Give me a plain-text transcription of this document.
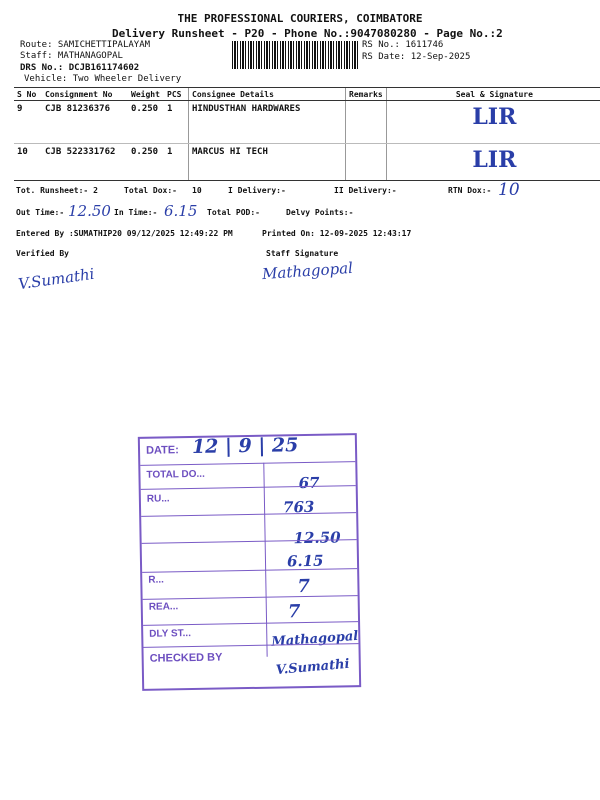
THE PROFESSIONAL COURIERS, COIMBATORE
Delivery Runsheet - P20 - Phone No.:9047080280 - Page No.:2
Route: SAMICHETTIPALAYAM
Staff: MATHANAGOPAL
DRS No.: DCJB161174602
Vehicle: Two Wheeler Delivery
RS No.: 1611746
RS Date: 12-Sep-2025
S No	Consignment No	Weight	PCS	Consignee Details	Remarks	Seal & Signature
9	CJB 81236376	0.250	1	HINDUSTHAN HARDWARES		LIR
10	CJB 522331762	0.250	1	MARCUS HI TECH		LIR
Tot. Runsheet:- 2	Total Dox:- 10	I Delivery:-	II Delivery:-	RTN Dox:- 10
Out Time:- 12.50 In Time:- 6.15 Total POD:-	Delvy Points:-
Entered By :SUMATHIP20 09/12/2025 12:49:22 PM	Printed On: 12-09-2025 12:43:17
Verified By
V.Sumathi
Staff Signature
Mathagopal
DATE: 12 | 9 | 25
TOTAL DO...	67
RU...	763
12.50
6.15
R...	7
REA...	7
DLY ST...	Mathagopal
CHECKED BY	V.Sumathi
